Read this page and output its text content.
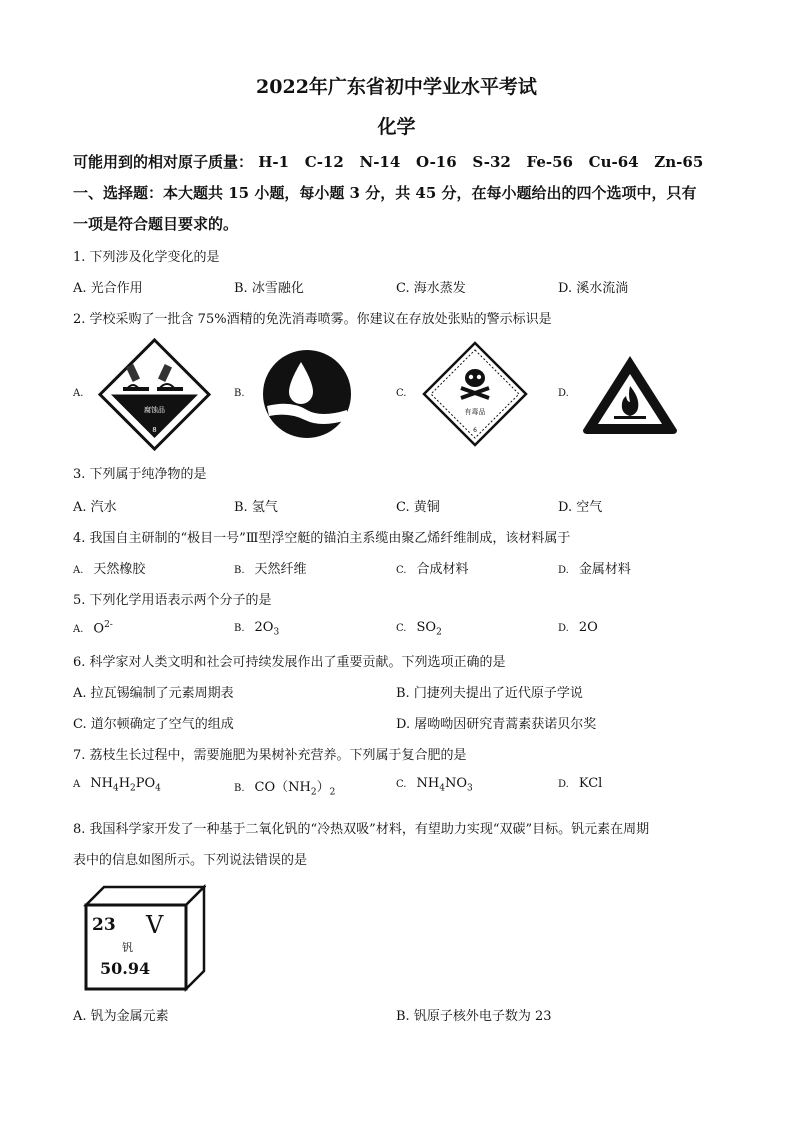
2022年广东省初中学业水平考试
化学
可能用到的相对原子质量： H-1 C-12 N-14 O-16 S-32 Fe-56 Cu-64 Zn-65
一、选择题：本大题共 15 小题，每小题 3 分，共 45 分，在每小题给出的四个选项中，只有
一项是符合题目要求的。
1. 下列涉及化学变化的是
A. 光合作用	B. 冰雪融化	C. 海水蒸发	D. 溪水流淌
2. 学校采购了一批含 75%酒精的免洗消毒喷雾。你建议在存放处张贴的警示标识是
A.	B.	C.	D.
腐蚀品
8
有毒品
6
3. 下列属于纯净物的是
A. 汽水	B. 氢气	C. 黄铜	D. 空气
4. 我国自主研制的“极目一号”Ⅲ型浮空艇的锚泊主系缆由聚乙烯纤维制成，该材料属于
A. 天然橡胶	B. 天然纤维	C. 合成材料	D. 金属材料
5. 下列化学用语表示两个分子的是
A. $O^{2-}$	B. $2O_3$	C. $SO_2$	D. 2O
6. 科学家对人类文明和社会可持续发展作出了重要贡献。下列选项正确的是
A. 拉瓦锡编制了元素周期表	B. 门捷列夫提出了近代原子学说
C. 道尔顿确定了空气的组成	D. 屠呦呦因研究青蒿素获诺贝尔奖
7. 荔枝生长过程中，需要施肥为果树补充营养。下列属于复合肥的是
A $NH_4H_2PO_4$	B. $CO(NH_2)_2$
C. $NH_4NO_3$	D. KCl
8. 我国科学家开发了一种基于二氧化钒的“冷热双吸”材料，有望助力实现“双碳”目标。钒元素在周期
表中的信息如图所示。下列说法错误的是
23 V
钒
50.94
A. 钒为金属元素	B. 钒原子核外电子数为 23
